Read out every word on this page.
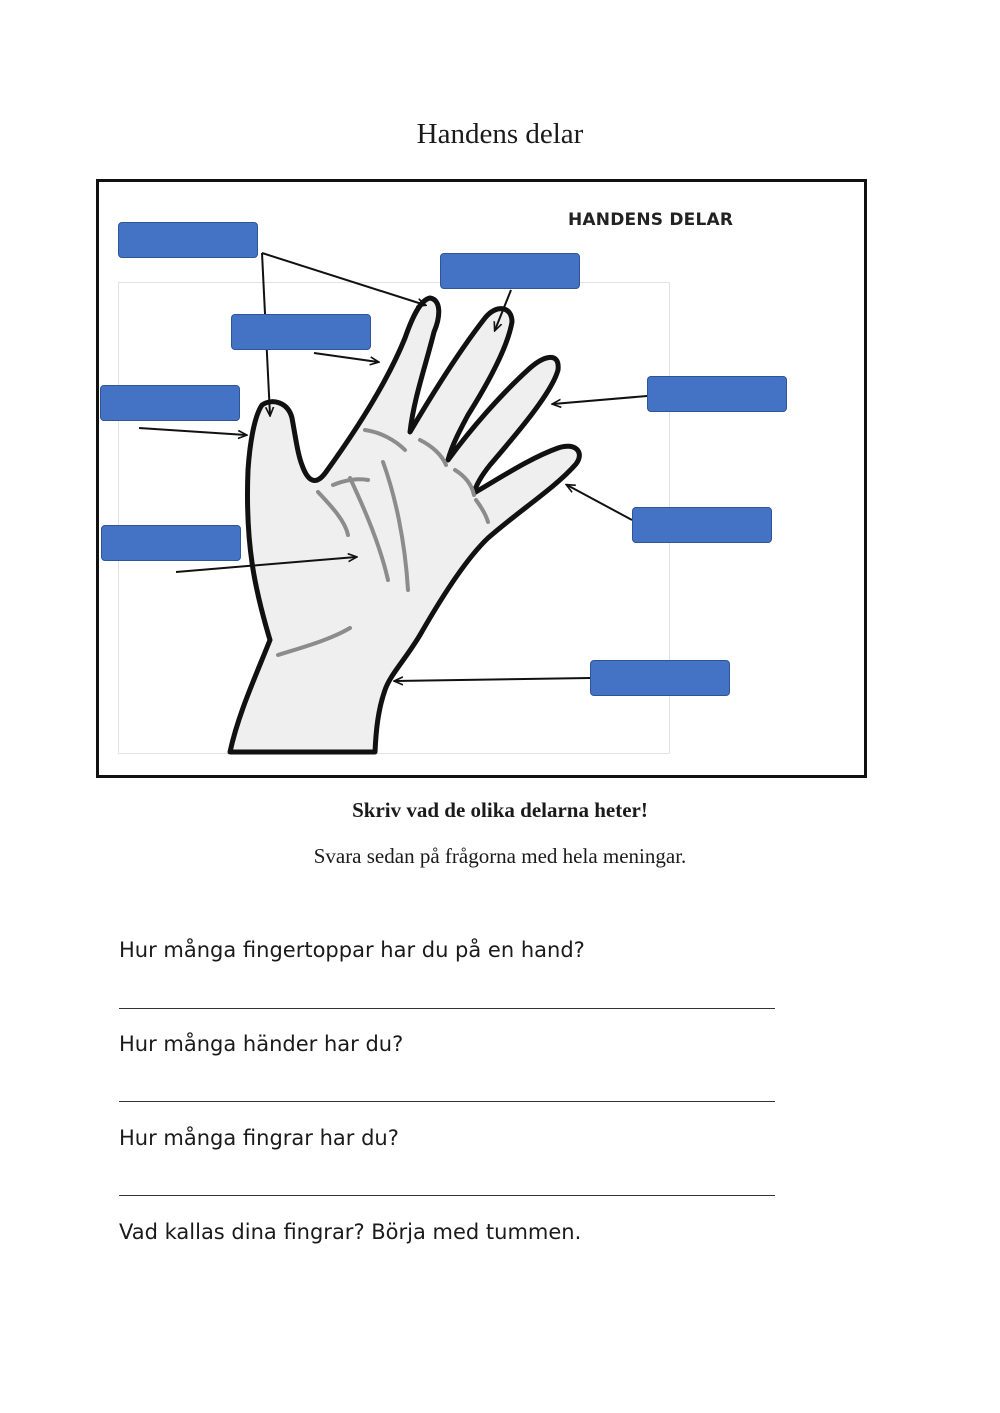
Handens delar
HANDENS DELAR
Skriv vad de olika delarna heter!
Svara sedan på frågorna med hela meningar.
Hur många fingertoppar har du på en hand?
Hur många händer har du?
Hur många fingrar har du?
Vad kallas dina fingrar? Börja med tummen.
